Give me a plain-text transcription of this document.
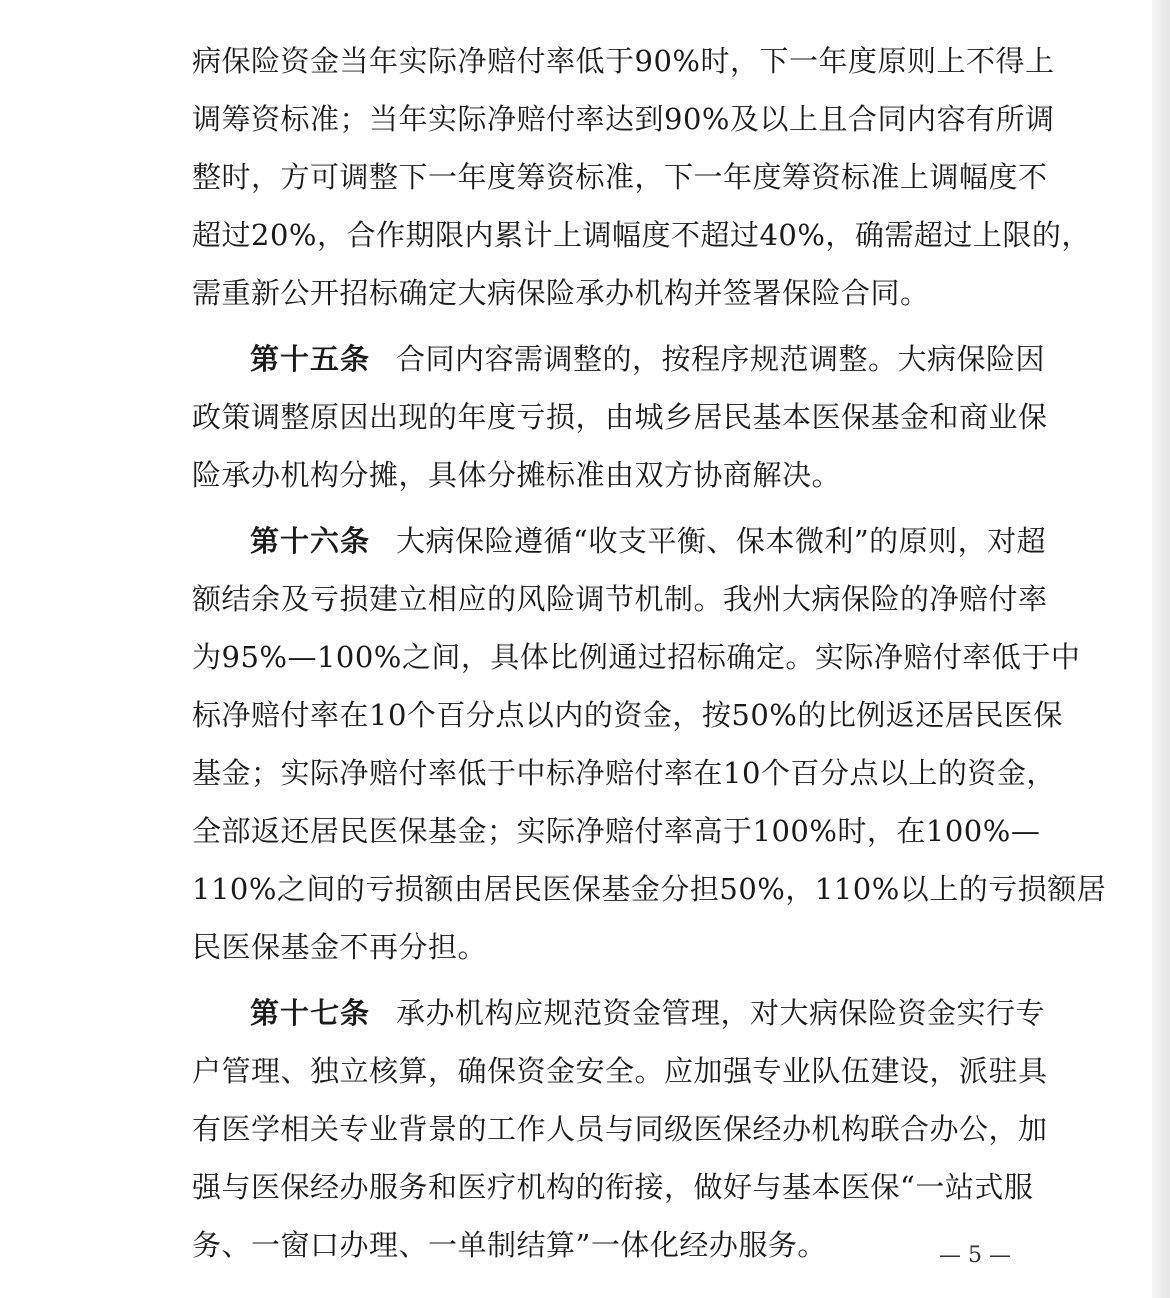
病保险资金当年实际净赔付率低于90%时，下一年度原则上不得上
调筹资标准；当年实际净赔付率达到90%及以上且合同内容有所调
整时，方可调整下一年度筹资标准，下一年度筹资标准上调幅度不
超过20%，合作期限内累计上调幅度不超过40%，确需超过上限的，
需重新公开招标确定大病保险承办机构并签署保险合同。
第十五条 合同内容需调整的，按程序规范调整。大病保险因
政策调整原因出现的年度亏损，由城乡居民基本医保基金和商业保
险承办机构分摊，具体分摊标准由双方协商解决。
第十六条 大病保险遵循“收支平衡、保本微利”的原则，对超
额结余及亏损建立相应的风险调节机制。我州大病保险的净赔付率
为95%—100%之间，具体比例通过招标确定。实际净赔付率低于中
标净赔付率在10个百分点以内的资金，按50%的比例返还居民医保
基金；实际净赔付率低于中标净赔付率在10个百分点以上的资金，
全部返还居民医保基金；实际净赔付率高于100%时，在100%—
110%之间的亏损额由居民医保基金分担50%，110%以上的亏损额居
民医保基金不再分担。
第十七条 承办机构应规范资金管理，对大病保险资金实行专
户管理、独立核算，确保资金安全。应加强专业队伍建设，派驻具
有医学相关专业背景的工作人员与同级医保经办机构联合办公，加
强与医保经办服务和医疗机构的衔接，做好与基本医保“一站式服
务、一窗口办理、一单制结算”一体化经办服务。	— 5 —
